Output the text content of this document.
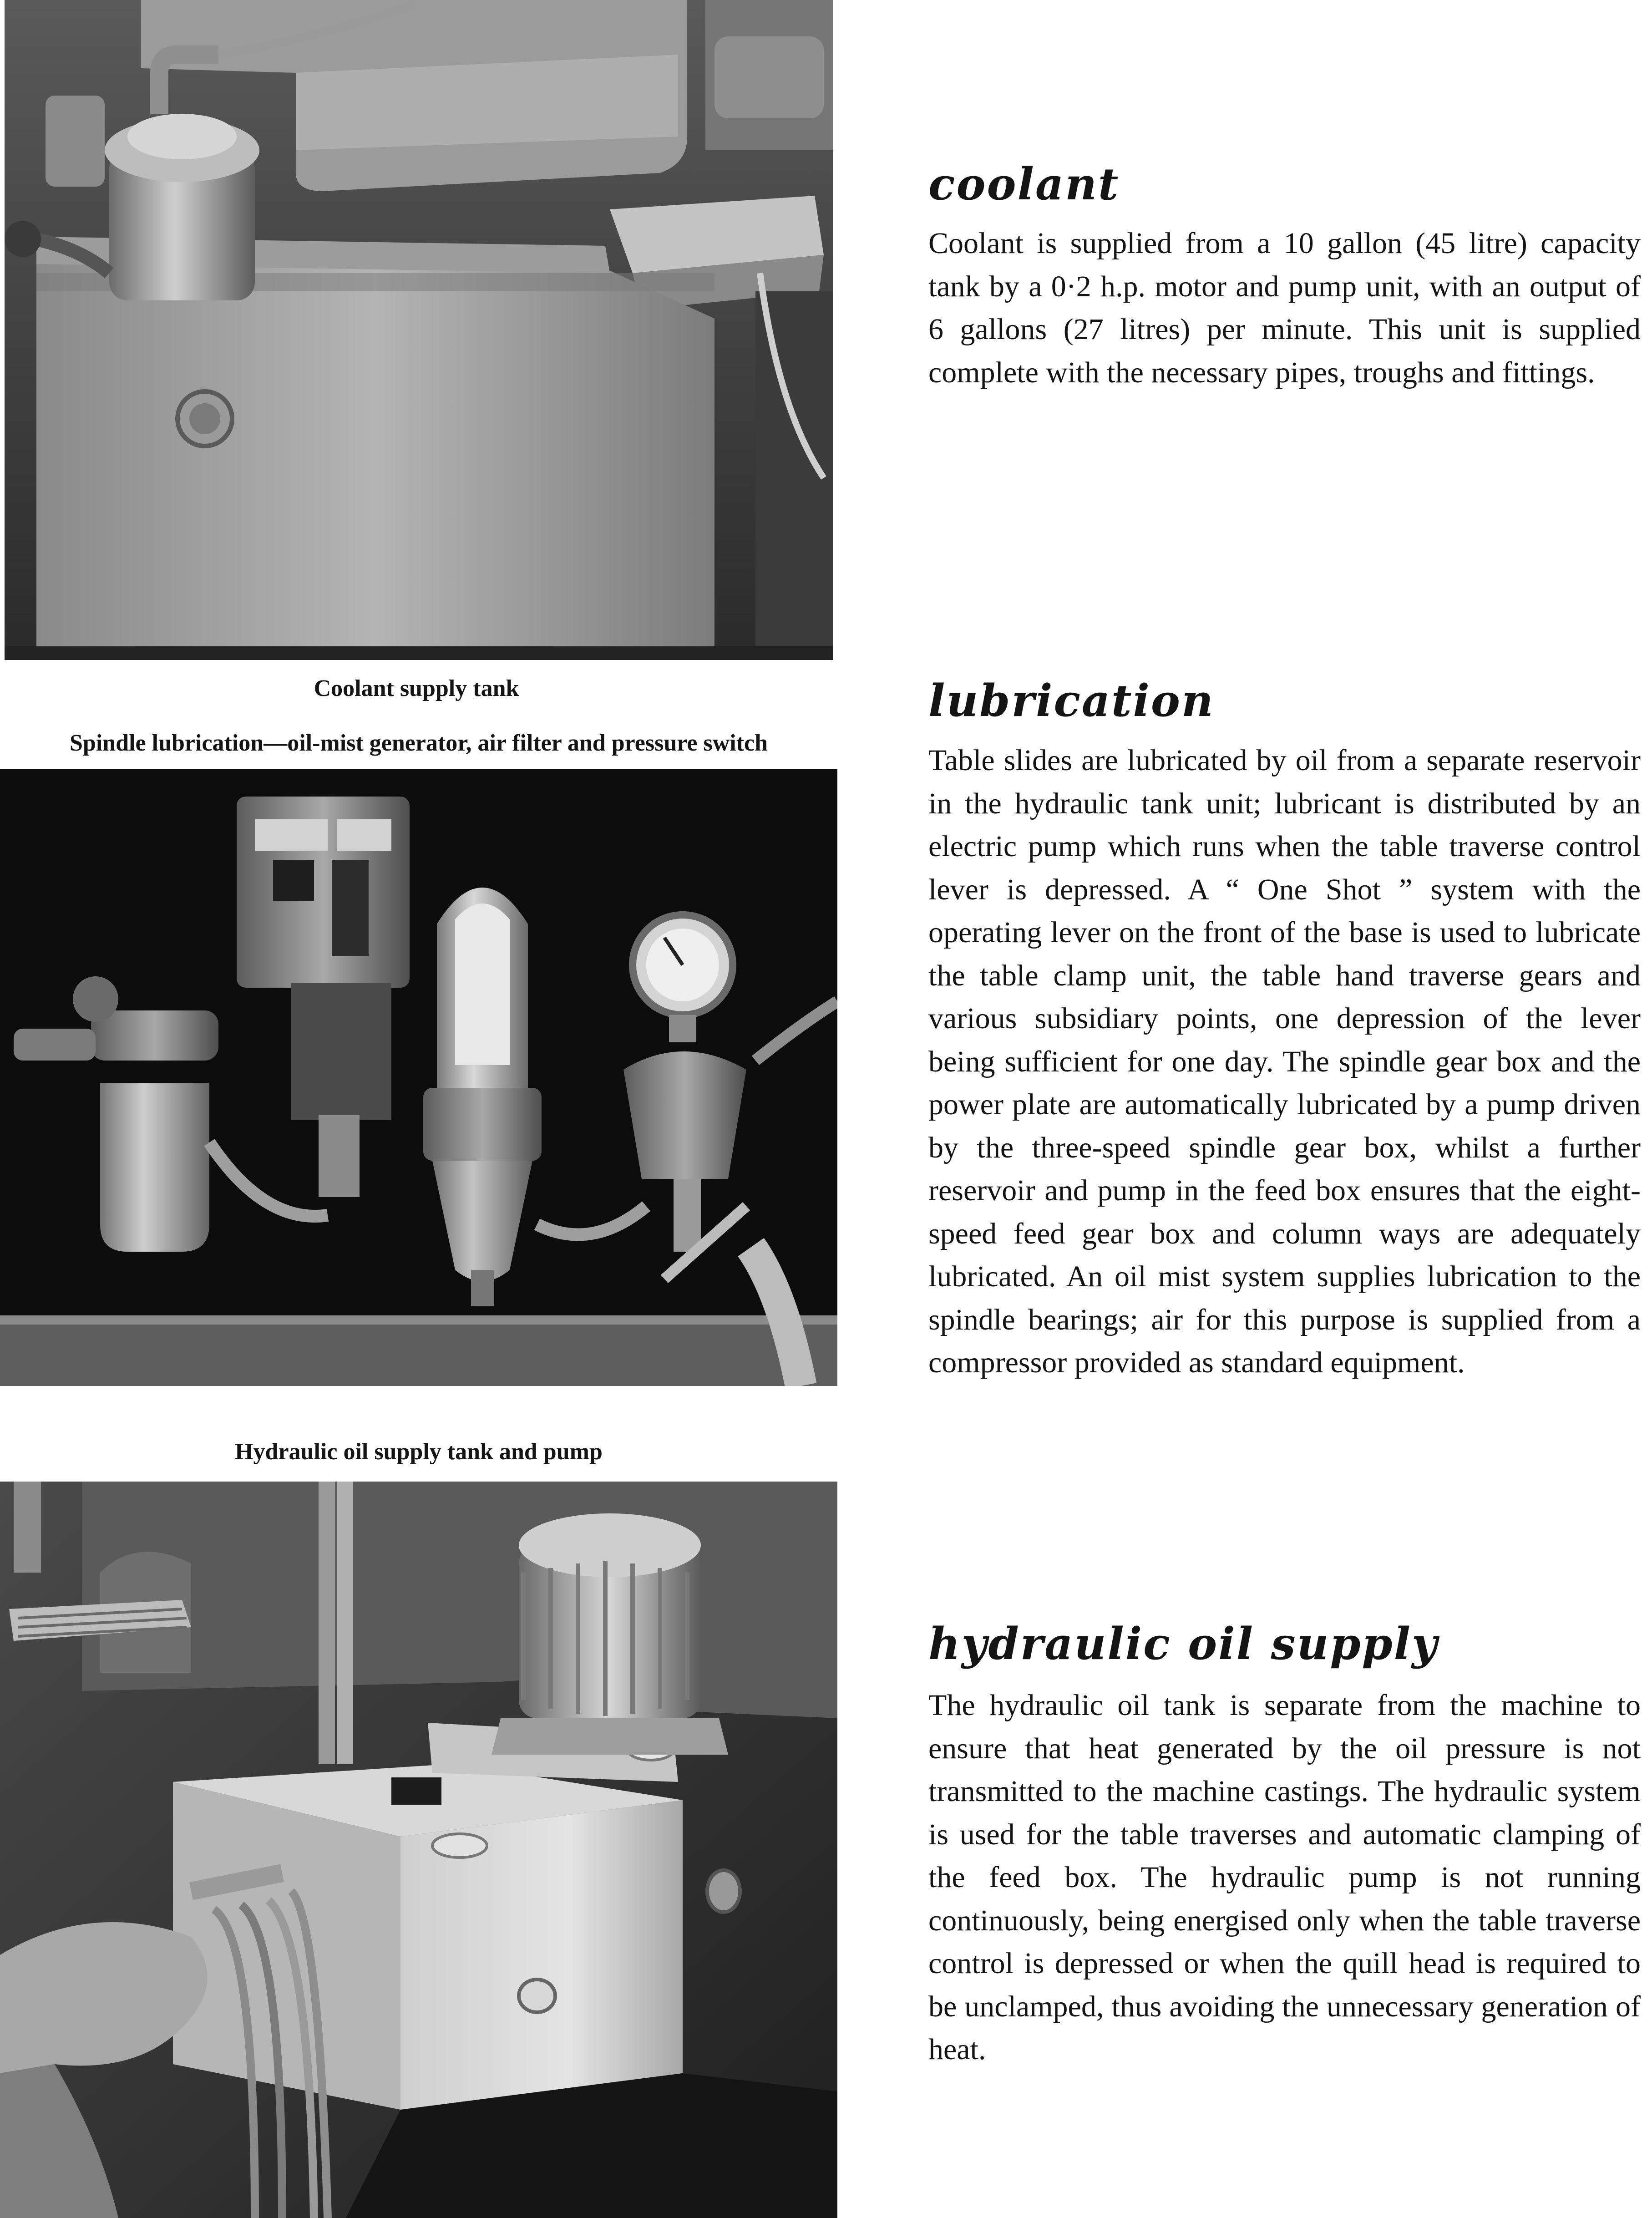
Coolant supply tank
Spindle lubrication—oil-mist generator, air filter and pressure switch
Hydraulic oil supply tank and pump
coolant

Coolant is supplied from a 10 gallon (45 litre) capacity tank by a 0·2 h.p. motor and pump unit, with an output of 6 gallons (27 litres) per minute. This unit is supplied complete with the necessary pipes, troughs and fittings.

lubrication

Table slides are lubricated by oil from a separate reservoir in the hydraulic tank unit; lubricant is distributed by an electric pump which runs when the table traverse control lever is depressed. A “ One Shot ” system with the operating lever on the front of the base is used to lubricate the table clamp unit, the table hand traverse gears and various subsidiary points, one depression of the lever being sufficient for one day. The spindle gear box and the power plate are automatically lubricated by a pump driven by the three-speed spindle gear box, whilst a further reservoir and pump in the feed box ensures that the eight-speed feed gear box and column ways are adequately lubricated. An oil mist system supplies lubrication to the spindle bearings; air for this purpose is supplied from a compressor provided as standard equipment.

hydraulic oil supply

The hydraulic oil tank is separate from the machine to ensure that heat generated by the oil pressure is not transmitted to the machine castings. The hydraulic system is used for the table traverses and automatic clamping of the feed box. The hydraulic pump is not running continuously, being energised only when the table traverse control is depressed or when the quill head is required to be unclamped, thus avoiding the unnecessary generation of heat.
